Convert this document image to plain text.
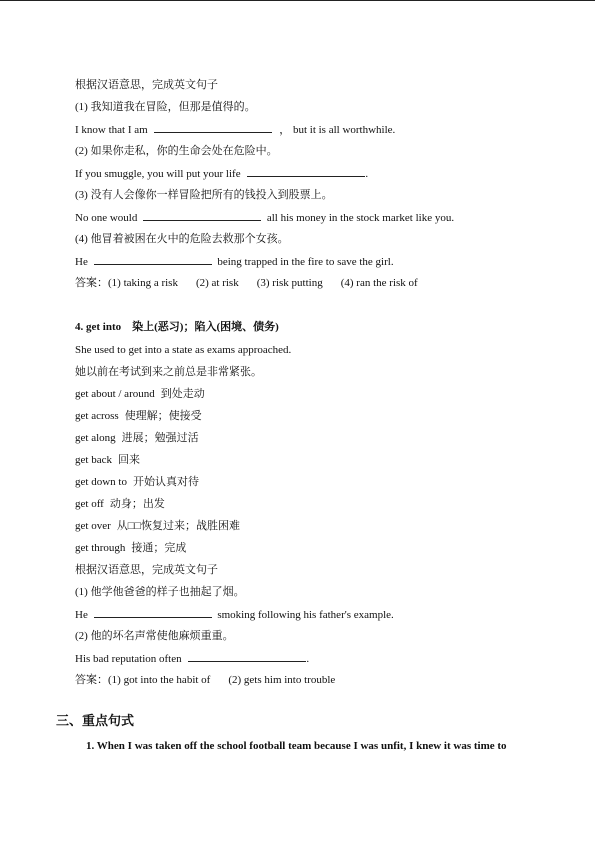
根据汉语意思，完成英文句子
(1) 我知道我在冒险，但那是值得的。
I know that I am	， but it is all worthwhile.
(2) 如果你走私，你的生命会处在危险中。
If you smuggle, you will put your life	.
(3) 没有人会像你一样冒险把所有的钱投入到股票上。
No one would	all his money in the stock market like you.
(4) 他冒着被困在火中的危险去救那个女孩。
He	being trapped in the fire to save the girl.
答案：(1) taking a risk (2) at risk (3) risk putting (4) ran the risk of
4. get into　染上(恶习)；陷入(困境、债务)
She used to get into a state as exams approached.
她以前在考试到来之前总是非常紧张。
get about / around 到处走动
get across 使理解；使接受
get along 进展；勉强过活
get back 回来
get down to 开始认真对待
get off 动身；出发
get over 从□□恢复过来；战胜困难
get through 接通；完成
根据汉语意思，完成英文句子
(1) 他学他爸爸的样子也抽起了烟。
He	smoking following his father's example.
(2) 他的坏名声常使他麻烦重重。
His bad reputation often	.
答案：(1) got into the habit of (2) gets him into trouble
三、重点句式
1. When I was taken off the school football team because I was unfit, I knew it was time to
